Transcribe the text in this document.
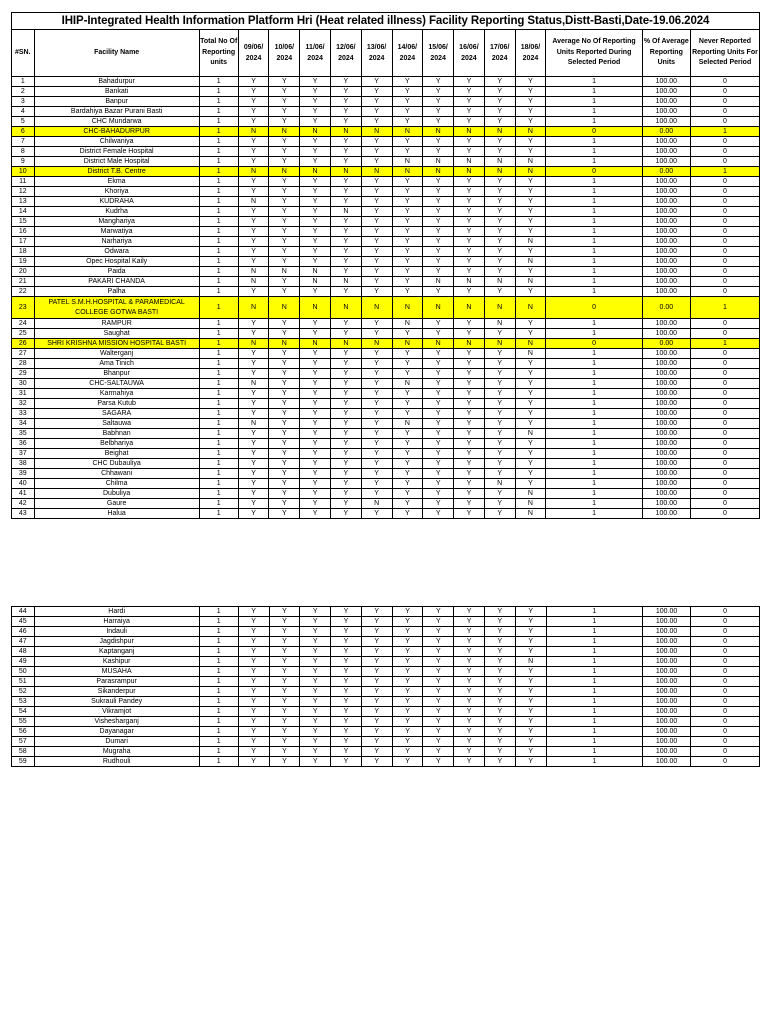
IHIP-Integrated Health Information Platform Hri (Heat related illness) Facility Reporting Status,Distt-Basti,Date-19.06.2024															
#SN.	Facility Name	Total No Of Reporting units	09/06/ 2024	10/06/ 2024	11/06/ 2024	12/06/ 2024	13/06/ 2024	14/06/ 2024	15/06/ 2024	16/06/ 2024	17/06/ 2024	18/06/ 2024	Average No Of Reporting Units Reported During Selected Period	% Of Average Reporting Units	Never Reported Reporting Units For Selected Period
1	Bahadurpur	1	Y	Y	Y	Y	Y	Y	Y	Y	Y	Y	1	100.00	0
2	Bankati	1	Y	Y	Y	Y	Y	Y	Y	Y	Y	Y	1	100.00	0
3	Banpur	1	Y	Y	Y	Y	Y	Y	Y	Y	Y	Y	1	100.00	0
4	Bardahiya Bazar Purani Basti	1	Y	Y	Y	Y	Y	Y	Y	Y	Y	Y	1	100.00	0
5	CHC Mundarwa	1	Y	Y	Y	Y	Y	Y	Y	Y	Y	Y	1	100.00	0
6	CHC-BAHADURPUR	1	N	N	N	N	N	N	N	N	N	N	0	0.00	1
7	Chilwaniya	1	Y	Y	Y	Y	Y	Y	Y	Y	Y	Y	1	100.00	0
8	District Female Hospital	1	Y	Y	Y	Y	Y	Y	Y	Y	Y	Y	1	100.00	0
9	District Male Hospital	1	Y	Y	Y	Y	Y	N	N	N	N	N	1	100.00	0
10	District T.B. Centre	1	N	N	N	N	N	N	N	N	N	N	0	0.00	1
11	Ekma	1	Y	Y	Y	Y	Y	Y	Y	Y	Y	Y	1	100.00	0
12	Khoriya	1	Y	Y	Y	Y	Y	Y	Y	Y	Y	Y	1	100.00	0
13	KUDRAHA	1	N	Y	Y	Y	Y	Y	Y	Y	Y	Y	1	100.00	0
14	Kudrha	1	Y	Y	Y	N	Y	Y	Y	Y	Y	Y	1	100.00	0
15	Manghariya	1	Y	Y	Y	Y	Y	Y	Y	Y	Y	Y	1	100.00	0
16	Marwatiya	1	Y	Y	Y	Y	Y	Y	Y	Y	Y	Y	1	100.00	0
17	Narhariya	1	Y	Y	Y	Y	Y	Y	Y	Y	Y	N	1	100.00	0
18	Odwara	1	Y	Y	Y	Y	Y	Y	Y	Y	Y	Y	1	100.00	0
19	Opec Hospital Kaily	1	Y	Y	Y	Y	Y	Y	Y	Y	Y	N	1	100.00	0
20	Paida	1	N	N	N	Y	Y	Y	Y	Y	Y	Y	1	100.00	0
21	PAKARI CHANDA	1	N	Y	N	N	Y	Y	N	N	N	N	1	100.00	0
22	Palha	1	Y	Y	Y	Y	Y	Y	Y	Y	Y	Y	1	100.00	0
23	PATEL S.M.H.HOSPITAL & PARAMEDICAL COLLEGE GOTWA BASTI	1	N	N	N	N	N	N	N	N	N	N	0	0.00	1
24	RAMPUR	1	Y	Y	Y	Y	Y	N	Y	Y	N	Y	1	100.00	0
25	Saughat	1	Y	Y	Y	Y	Y	Y	Y	Y	Y	Y	1	100.00	0
26	SHRI KRISHNA MISSION HOSPITAL BASTI	1	N	N	N	N	N	N	N	N	N	N	0	0.00	1
27	Walterganj	1	Y	Y	Y	Y	Y	Y	Y	Y	Y	N	1	100.00	0
28	Ama Tinich	1	Y	Y	Y	Y	Y	Y	Y	Y	Y	Y	1	100.00	0
29	Bhanpur	1	Y	Y	Y	Y	Y	Y	Y	Y	Y	Y	1	100.00	0
30	CHC-SALTAUWA	1	N	Y	Y	Y	Y	N	Y	Y	Y	Y	1	100.00	0
31	Karmahiya	1	Y	Y	Y	Y	Y	Y	Y	Y	Y	Y	1	100.00	0
32	Parsa Kutub	1	Y	Y	Y	Y	Y	Y	Y	Y	Y	Y	1	100.00	0
33	SAGARA	1	Y	Y	Y	Y	Y	Y	Y	Y	Y	Y	1	100.00	0
34	Saltauwa	1	N	Y	Y	Y	Y	N	Y	Y	Y	Y	1	100.00	0
35	Babhnan	1	Y	Y	Y	Y	Y	Y	Y	Y	Y	N	1	100.00	0
36	Belbhariya	1	Y	Y	Y	Y	Y	Y	Y	Y	Y	Y	1	100.00	0
37	Beighat	1	Y	Y	Y	Y	Y	Y	Y	Y	Y	Y	1	100.00	0
38	CHC Dubauliya	1	Y	Y	Y	Y	Y	Y	Y	Y	Y	Y	1	100.00	0
39	Chhawani	1	Y	Y	Y	Y	Y	Y	Y	Y	Y	Y	1	100.00	0
40	Chilma	1	Y	Y	Y	Y	Y	Y	Y	Y	N	Y	1	100.00	0
41	Dubuliya	1	Y	Y	Y	Y	Y	Y	Y	Y	Y	N	1	100.00	0
42	Gaure	1	Y	Y	Y	Y	N	Y	Y	Y	Y	N	1	100.00	0
43	Halua	1	Y	Y	Y	Y	Y	Y	Y	Y	Y	N	1	100.00	0
44	Hardi	1	Y	Y	Y	Y	Y	Y	Y	Y	Y	Y	1	100.00	0
45	Harraiya	1	Y	Y	Y	Y	Y	Y	Y	Y	Y	Y	1	100.00	0
46	Indauli	1	Y	Y	Y	Y	Y	Y	Y	Y	Y	Y	1	100.00	0
47	Jagdishpur	1	Y	Y	Y	Y	Y	Y	Y	Y	Y	Y	1	100.00	0
48	Kaptanganj	1	Y	Y	Y	Y	Y	Y	Y	Y	Y	Y	1	100.00	0
49	Kashipur	1	Y	Y	Y	Y	Y	Y	Y	Y	Y	N	1	100.00	0
50	MUSAHA	1	Y	Y	Y	Y	Y	Y	Y	Y	Y	Y	1	100.00	0
51	Parasrampur	1	Y	Y	Y	Y	Y	Y	Y	Y	Y	Y	1	100.00	0
52	Sikanderpur	1	Y	Y	Y	Y	Y	Y	Y	Y	Y	Y	1	100.00	0
53	Sukrauli Pandey	1	Y	Y	Y	Y	Y	Y	Y	Y	Y	Y	1	100.00	0
54	Vikramjot	1	Y	Y	Y	Y	Y	Y	Y	Y	Y	Y	1	100.00	0
55	Vishesharganj	1	Y	Y	Y	Y	Y	Y	Y	Y	Y	Y	1	100.00	0
56	Dayanagar	1	Y	Y	Y	Y	Y	Y	Y	Y	Y	Y	1	100.00	0
57	Dumari	1	Y	Y	Y	Y	Y	Y	Y	Y	Y	Y	1	100.00	0
58	Mugraha	1	Y	Y	Y	Y	Y	Y	Y	Y	Y	Y	1	100.00	0
59	Rudhouli	1	Y	Y	Y	Y	Y	Y	Y	Y	Y	Y	1	100.00	0
